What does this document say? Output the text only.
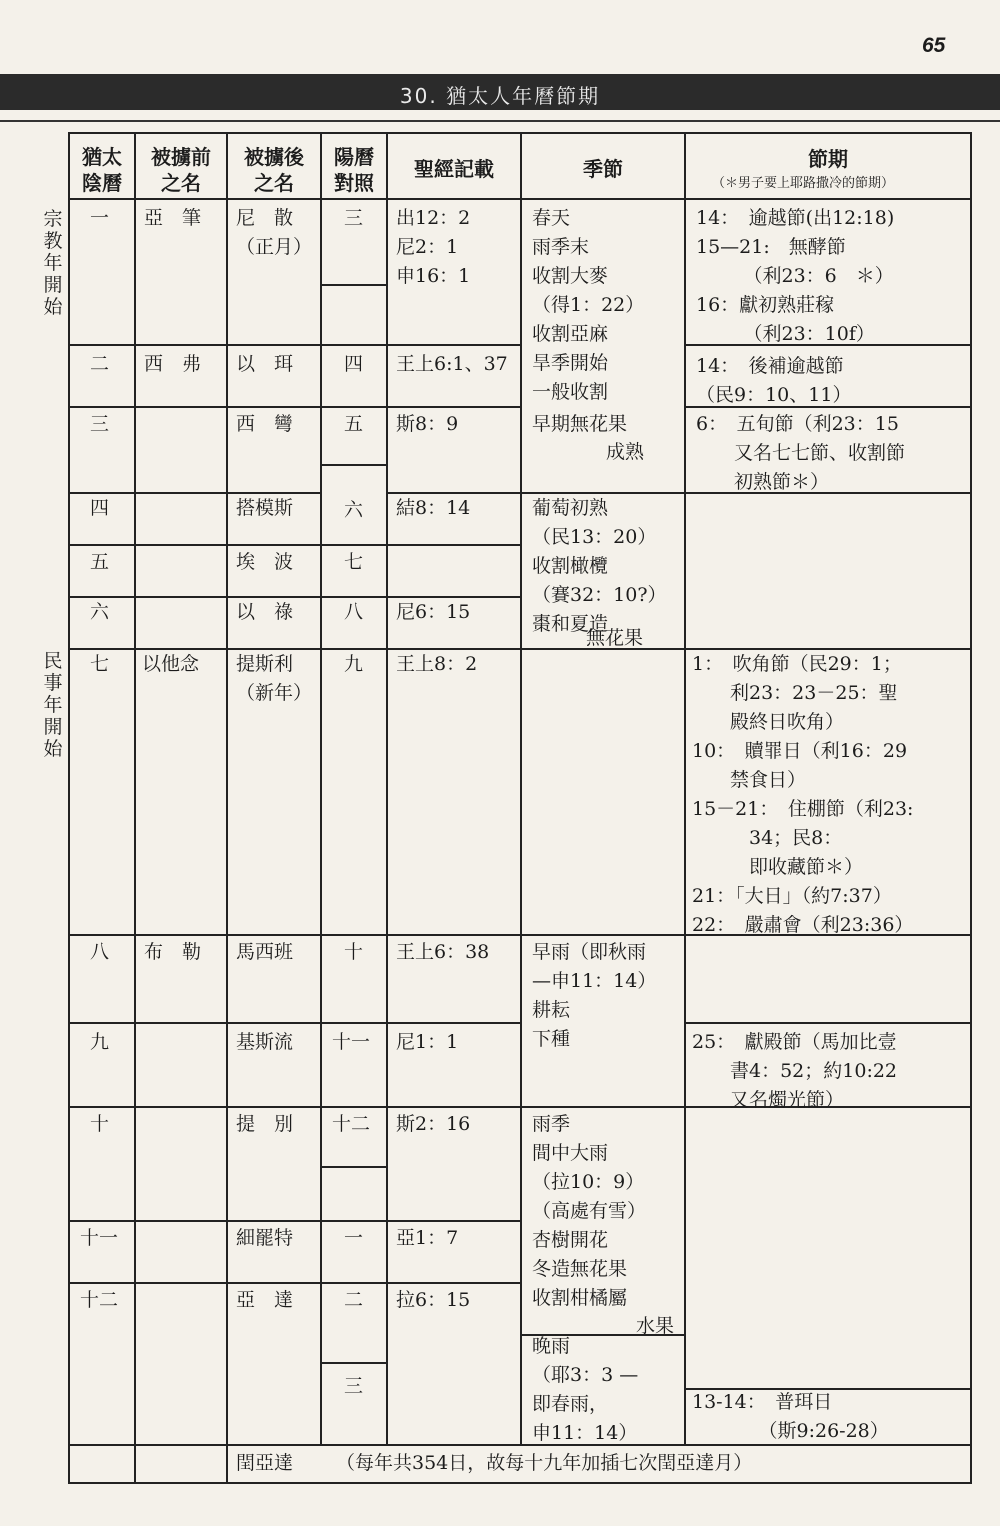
65
30. 猶太人年曆節期
宗教年開始
民事年開始
猶太
陰曆
被擄前
之名
被擄後
之名
陽曆
對照
聖經記載	季節	節期
（＊男子要上耶路撒冷的節期）
一
二
三
四
五
六
七
八
九
十
十一
十二
亞　筆
西　弗
以他念
布　勒
尼　散
（正月）
以　珥
西　彎
搭模斯
埃　波
以　祿
提斯利
（新年）
馬西班
基斯流
提　別
細罷特
亞　達
三
四
五
六
七
八
九
十
十一
十二
一
二
三
出12：2
尼2：1
申16：1
王上6:1、37
斯8：9
結8：14
尼6：15
王上8：2
王上6：38
尼1：1
斯2：16
亞1：7
拉6：15
春天
雨季末
收割大麥
（得1：22）
收割亞麻
旱季開始
一般收割
早期無花果
成熟
葡萄初熟
（民13：20）
收割橄欖
（賽32：10?）
棗和夏造
無花果
早雨（即秋雨
—申11：14）
耕耘
下種
雨季
間中大雨
（拉10：9）
（高處有雪）
杏樹開花
冬造無花果
收割柑橘屬
水果
晚雨
（耶3：3 —
即春雨，
申11：14）
14：　逾越節(出12:18)
15—21:　無酵節
　　　（利23：6　＊）
16：獻初熟莊稼
　　　（利23：10f）
14：　後補逾越節
（民9：10、11）
6：　五旬節（利23：15
　　又名七七節、收割節
　　初熟節＊）
1：　吹角節（民29：1；
　　利23：23－25：聖
　　殿終日吹角）
10：　贖罪日（利16：29
　　禁食日）
15－21：　住棚節（利23:
　　　34；民8：
　　　即收藏節＊）
21：「大日」（約7:37）
22：　嚴肅會（利23:36）
25：　獻殿節（馬加比壹
　　書4：52；約10:22
　　又名燭光節）
13-14：　普珥日
　　　　（斯9:26-28）
閏亞達 （每年共354日，故每十九年加插七次閏亞達月）
